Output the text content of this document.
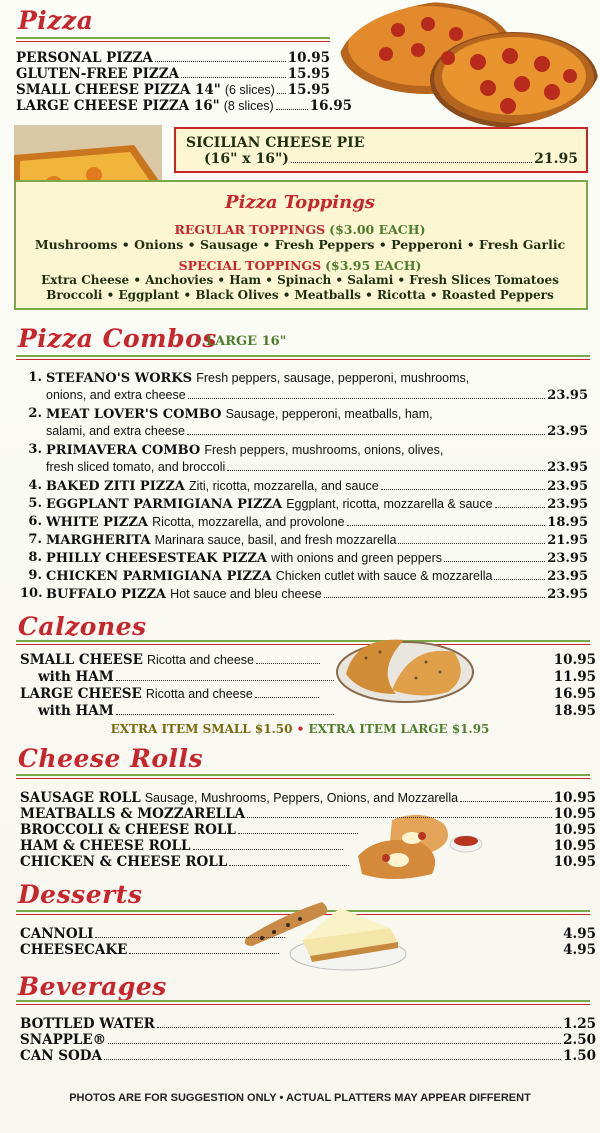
Pizza
PERSONAL PIZZA	10.95
GLUTEN-FREE PIZZA	15.95
SMALL CHEESE PIZZA 14" (6 slices) 15.95
LARGE CHEESE PIZZA 16" (8 slices)	16.95
SICILIAN CHEESE PIE
(16" x 16")	21.95
Pizza Toppings
REGULAR TOPPINGS ($3.00 EACH)
Mushrooms • Onions • Sausage • Fresh Peppers • Pepperoni • Fresh Garlic
SPECIAL TOPPINGS ($3.95 EACH)
Extra Cheese • Anchovies • Ham • Spinach • Salami • Fresh Slices Tomatoes
Broccoli • Eggplant • Black Olives • Meatballs • Ricotta • Roasted Peppers
Pizza Combos
LARGE 16"
1. STEFANO'S WORKS Fresh peppers, sausage, pepperoni, mushrooms,
onions, and extra cheese	23.95
2. MEAT LOVER'S COMBO Sausage, pepperoni, meatballs, ham,
salami, and extra cheese	23.95
3. PRIMAVERA COMBO Fresh peppers, mushrooms, onions, olives,
fresh sliced tomato, and broccoli	23.95
4. BAKED ZITI PIZZA
Ziti, ricotta, mozzarella, and sauce	23.95
5. EGGPLANT PARMIGIANA PIZZA
Eggplant, ricotta, mozzarella & sauce	23.95
6. WHITE PIZZA
Ricotta, mozzarella, and provolone	18.95
7. MARGHERITA
Marinara sauce, basil, and fresh mozzarella	21.95
8. PHILLY CHEESESTEAK PIZZA
with onions and green peppers	23.95
9. CHICKEN PARMIGIANA PIZZA
Chicken cutlet with sauce & mozzarella	23.95
10. BUFFALO PIZZA
Hot sauce and bleu cheese	23.95
Calzones
SMALL CHEESE Ricotta and cheese	10.95
with HAM	11.95
LARGE CHEESE Ricotta and cheese	16.95
with HAM	18.95
EXTRA ITEM SMALL $1.50 • EXTRA ITEM LARGE $1.95
Cheese Rolls
SAUSAGE ROLL Sausage, Mushrooms, Peppers, Onions, and Mozzarella	10.95
MEATBALLS & MOZZARELLA	10.95
BROCCOLI & CHEESE ROLL	10.95
HAM & CHEESE ROLL	10.95
CHICKEN & CHEESE ROLL	10.95
Desserts
CANNOLI	4.95
CHEESECAKE	4.95
Beverages
BOTTLED WATER	1.25
SNAPPLE®	2.50
CAN SODA	1.50
PHOTOS ARE FOR SUGGESTION ONLY • ACTUAL PLATTERS MAY APPEAR DIFFERENT
